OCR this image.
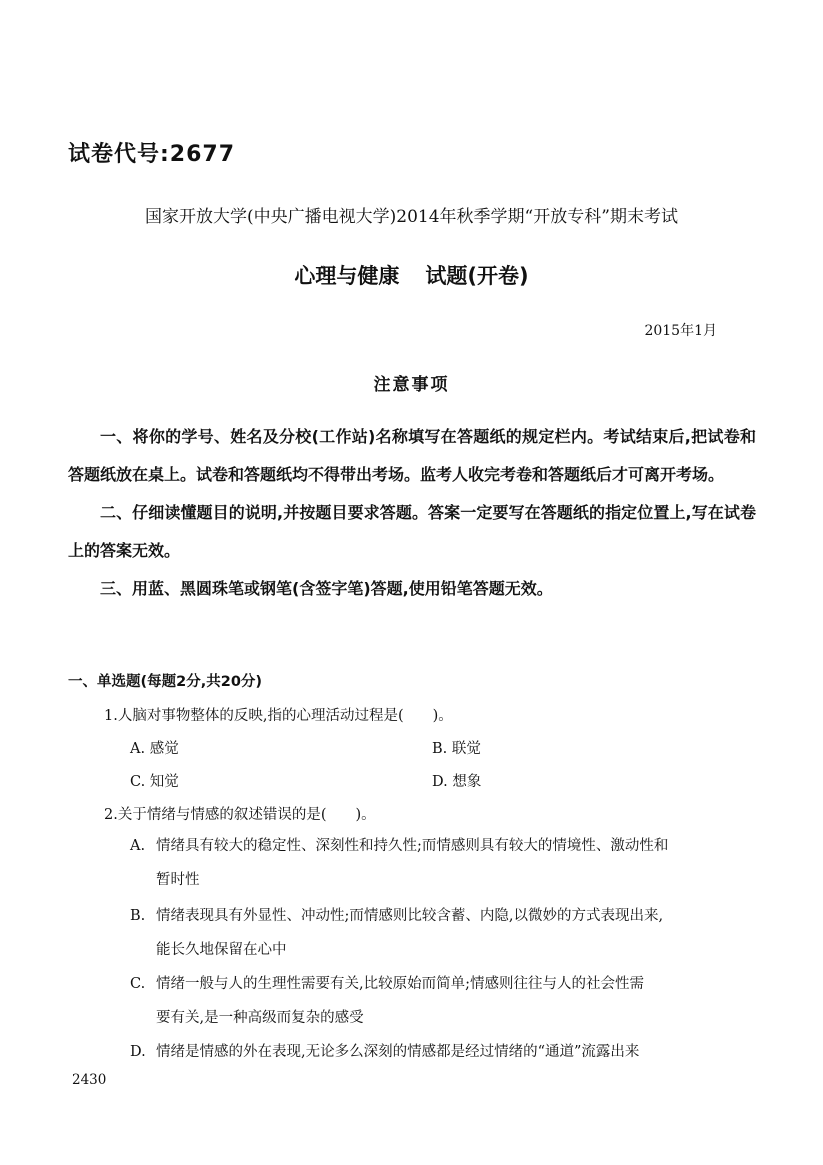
试卷代号:2677
国家开放大学(中央广播电视大学)2014年秋季学期“开放专科”期末考试
心理与健康 试题(开卷)
2015年1月
注意事项

一、将你的学号、姓名及分校(工作站)名称填写在答题纸的规定栏内。考试结束后,把试卷和答题纸放在桌上。试卷和答题纸均不得带出考场。监考人收完考卷和答题纸后才可离开考场。

二、仔细读懂题目的说明,并按题目要求答题。答案一定要写在答题纸的指定位置上,写在试卷上的答案无效。

三、用蓝、黑圆珠笔或钢笔(含签字笔)答题,使用铅笔答题无效。

一、单选题(每题2分,共20分)
1.人脑对事物整体的反映,指的心理活动过程是(　　)。
A. 感觉	B. 联觉
C. 知觉	D. 想象
2.关于情绪与情感的叙述错误的是(　　)。
A. 情绪具有较大的稳定性、深刻性和持久性;而情感则具有较大的情境性、激动性和
暂时性
B. 情绪表现具有外显性、冲动性;而情感则比较含蓄、内隐,以微妙的方式表现出来,
能长久地保留在心中
C. 情绪一般与人的生理性需要有关,比较原始而简单;情感则往往与人的社会性需
要有关,是一种高级而复杂的感受
D. 情绪是情感的外在表现,无论多么深刻的情感都是经过情绪的“通道”流露出来
2430
